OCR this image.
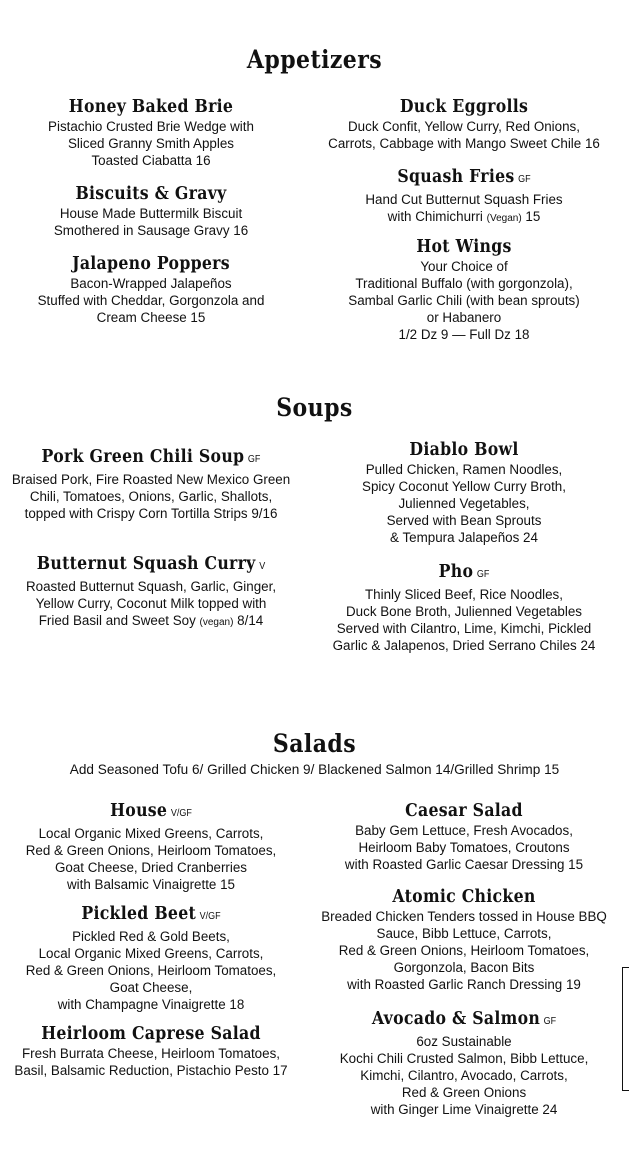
Appetizers
Honey Baked Brie
Pistachio Crusted Brie Wedge with
Sliced Granny Smith Apples
Toasted Ciabatta 16
Biscuits & Gravy
House Made Buttermilk Biscuit
Smothered in Sausage Gravy 16
Jalapeno Poppers
Bacon-Wrapped Jalapeños
Stuffed with Cheddar, Gorgonzola and
Cream Cheese 15
Duck Eggrolls
Duck Confit, Yellow Curry, Red Onions,
Carrots, Cabbage with Mango Sweet Chile 16
Squash Fries GF
Hand Cut Butternut Squash Fries
with Chimichurri (Vegan) 15
Hot Wings
Your Choice of
Traditional Buffalo (with gorgonzola),
Sambal Garlic Chili (with bean sprouts)
or Habanero
1/2 Dz 9 — Full Dz 18
Soups
Pork Green Chili Soup GF
Braised Pork, Fire Roasted New Mexico Green
Chili, Tomatoes, Onions, Garlic, Shallots,
topped with Crispy Corn Tortilla Strips 9/16
Butternut Squash Curry V
Roasted Butternut Squash, Garlic, Ginger,
Yellow Curry, Coconut Milk topped with
Fried Basil and Sweet Soy (vegan) 8/14
Diablo Bowl
Pulled Chicken, Ramen Noodles,
Spicy Coconut Yellow Curry Broth,
Julienned Vegetables,
Served with Bean Sprouts
& Tempura Jalapeños 24
Pho GF
Thinly Sliced Beef, Rice Noodles,
Duck Bone Broth, Julienned Vegetables
Served with Cilantro, Lime, Kimchi, Pickled
Garlic & Jalapenos, Dried Serrano Chiles 24
Salads
Add Seasoned Tofu 6/ Grilled Chicken 9/ Blackened Salmon 14/Grilled Shrimp 15
House V/GF
Local Organic Mixed Greens, Carrots,
Red & Green Onions, Heirloom Tomatoes,
Goat Cheese, Dried Cranberries
with Balsamic Vinaigrette 15
Pickled Beet V/GF
Pickled Red & Gold Beets,
Local Organic Mixed Greens, Carrots,
Red & Green Onions, Heirloom Tomatoes,
Goat Cheese,
with Champagne Vinaigrette 18
Heirloom Caprese Salad
Fresh Burrata Cheese, Heirloom Tomatoes,
Basil, Balsamic Reduction, Pistachio Pesto 17
Caesar Salad
Baby Gem Lettuce, Fresh Avocados,
Heirloom Baby Tomatoes, Croutons
with Roasted Garlic Caesar Dressing 15
Atomic Chicken
Breaded Chicken Tenders tossed in House BBQ
Sauce, Bibb Lettuce, Carrots,
Red & Green Onions, Heirloom Tomatoes,
Gorgonzola, Bacon Bits
with Roasted Garlic Ranch Dressing 19
Avocado & Salmon GF
6oz Sustainable
Kochi Chili Crusted Salmon, Bibb Lettuce,
Kimchi, Cilantro, Avocado, Carrots,
Red & Green Onions
with Ginger Lime Vinaigrette 24
